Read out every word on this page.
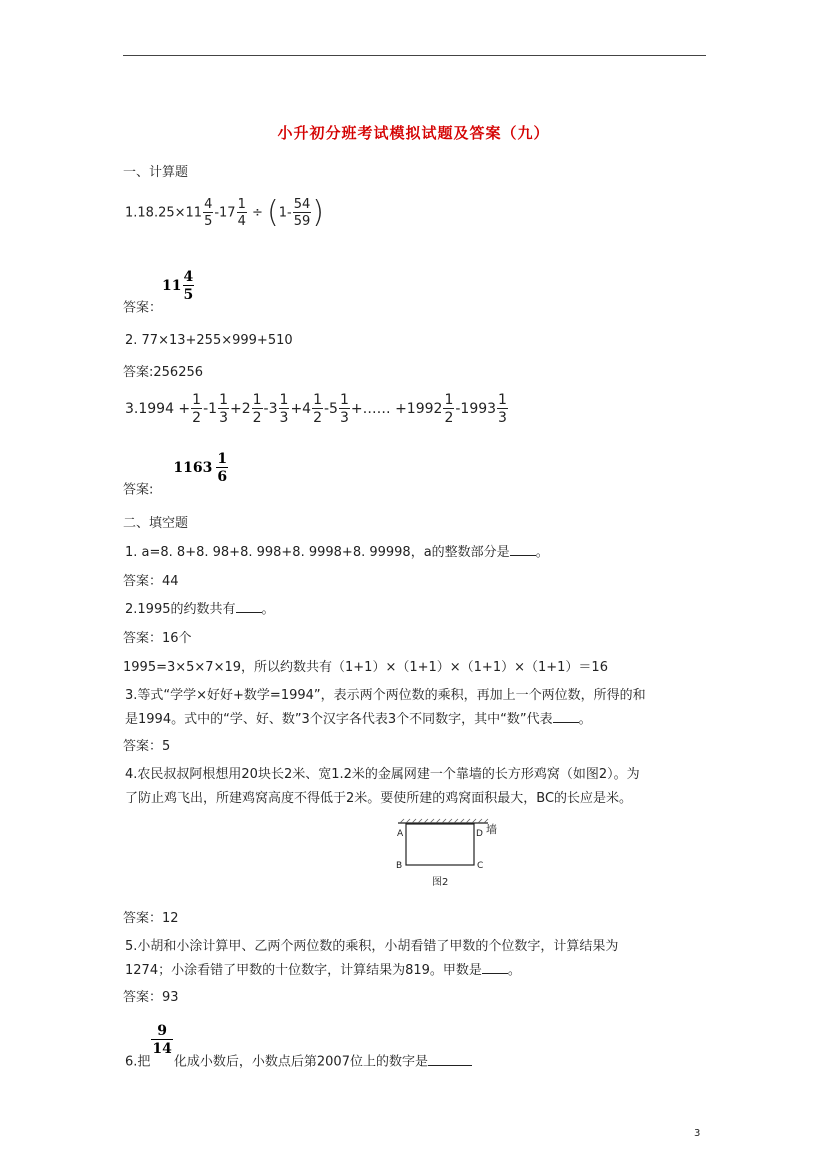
小升初分班考试模拟试题及答案（九）
一、计算题
$1.18.25\times 11 \frac{4}{5} -17 \frac{1}{4} \div (1- \frac{54}{59}$ )
答案：$11 \frac{4}{5}$
2. 77×13+255×999+510
答案:256256
$3.1994 + \frac{1}{2} -1 \frac{1}{3} +2 \frac{1}{2} -3 \frac{1}{3} +4 \frac{1}{2} -5 \frac{1}{3}$ +…… $+1992 \frac{1}{2} -1993 \frac{1}{3}$
答案:1163 $\frac{1}{6}$
二、填空题
1. a=8. 8+8. 98+8. 998+8. 9998+8. 99998，a的整数部分是 。
答案：44
2.1995的约数共有 。
答案：16个
1995=3×5×7×19，所以约数共有（1+1）×（1+1）×（1+1）×（1+1）＝16
3.等式“学学×好好+数学=1994”，表示两个两位数的乘积，再加上一个两位数，所得的和
是1994。式中的“学、好、数”3个汉字各代表3个不同数字，其中“数”代表 。
答案：5
4.农民叔叔阿根想用20块长2米、宽1.2米的金属网建一个靠墙的长方形鸡窝（如图2）。为
了防止鸡飞出，所建鸡窝高度不得低于2米。要使所建的鸡窝面积最大，BC的长应是米。
A	D 墙
B	C
图2
答案：12
5.小胡和小涂计算甲、乙两个两位数的乘积，小胡看错了甲数的个位数字，计算结果为
1274；小涂看错了甲数的十位数字，计算结果为819。甲数是 。
答案：93
6.把
$\frac{9}{14}$
化成小数后，小数点后第2007位上的数字是
3
